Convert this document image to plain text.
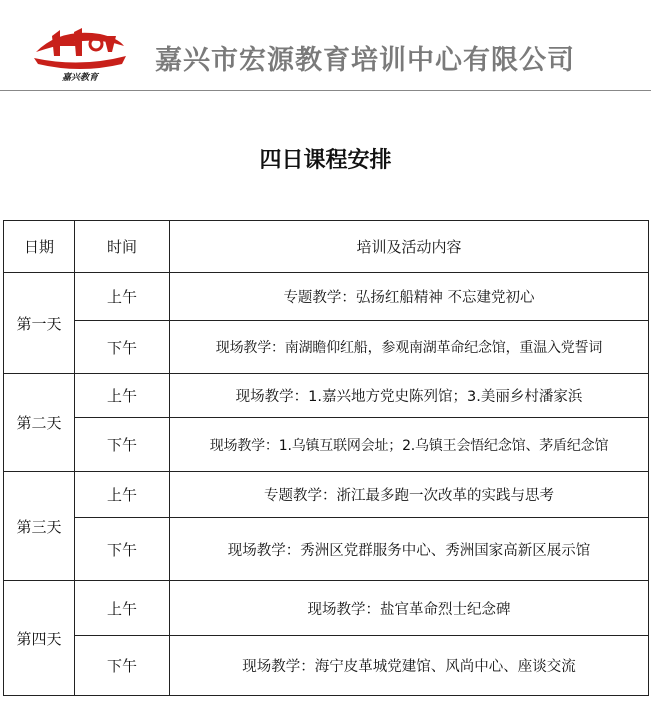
嘉兴教育
嘉兴市宏源教育培训中心有限公司
四日课程安排
日期	时间	培训及活动内容
第一天	上午	专题教学：弘扬红船精神 不忘建党初心
	下午	现场教学：南湖瞻仰红船，参观南湖革命纪念馆，重温入党誓词
第二天	上午	现场教学：1.嘉兴地方党史陈列馆；3.美丽乡村潘家浜
	下午	现场教学：1.乌镇互联网会址；2.乌镇王会悟纪念馆、茅盾纪念馆
第三天	上午	专题教学：浙江最多跑一次改革的实践与思考
	下午	现场教学：秀洲区党群服务中心、秀洲国家高新区展示馆
第四天	上午	现场教学：盐官革命烈士纪念碑
	下午	现场教学：海宁皮革城党建馆、风尚中心、座谈交流
